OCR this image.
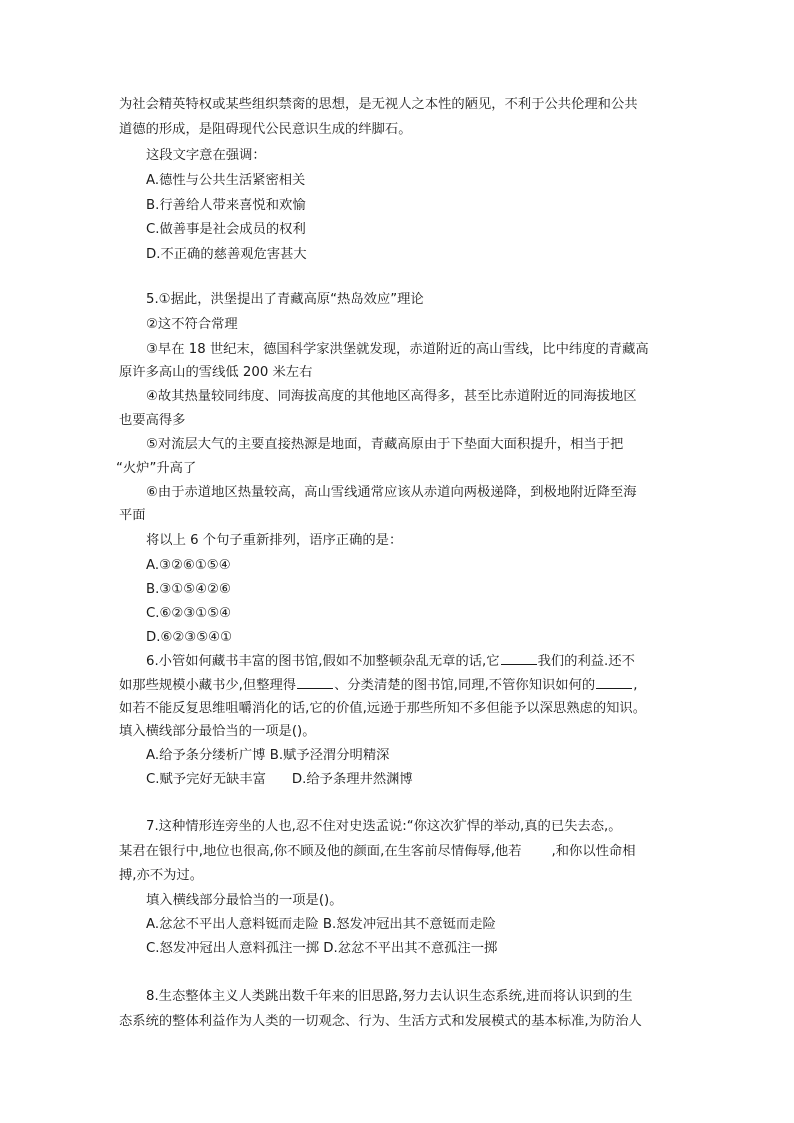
为社会精英特权或某些组织禁脔的思想，是无视人之本性的陋见，不利于公共伦理和公共
道德的形成，是阻碍现代公民意识生成的绊脚石。
这段文字意在强调：
A.德性与公共生活紧密相关
B.行善给人带来喜悦和欢愉
C.做善事是社会成员的权利
D.不正确的慈善观危害甚大
5.①据此，洪堡提出了青藏高原“热岛效应”理论
②这不符合常理
③早在 18 世纪末，德国科学家洪堡就发现，赤道附近的高山雪线，比中纬度的青藏高
原许多高山的雪线低 200 米左右
④故其热量较同纬度、同海拔高度的其他地区高得多，甚至比赤道附近的同海拔地区
也要高得多
⑤对流层大气的主要直接热源是地面，青藏高原由于下垫面大面积提升，相当于把
“火炉”升高了
⑥由于赤道地区热量较高，高山雪线通常应该从赤道向两极递降，到极地附近降至海
平面
将以上 6 个句子重新排列，语序正确的是：
A.③②⑥①⑤④
B.③①⑤④②⑥
C.⑥②③①⑤④
D.⑥②③⑤④①
6.小管如何藏书丰富的图书馆,假如不加整顿杂乱无章的话,它	我们的利益.还不
如那些规模小藏书少,但整理得	、分类清楚的图书馆,同理,不管你知识如何的	,
如若不能反复思维咀嚼消化的话,它的价值,远逊于那些所知不多但能予以深思熟虑的知识。
填入横线部分最恰当的一项是()。
A.给予条分缕析广博 B.赋予泾渭分明精深
C.赋予完好无缺丰富 D.给予条理井然渊博
7.这种情形连旁坐的人也,忍不住对史迭孟说:“你这次犷悍的举动,真的已失去态,。
某君在银行中,地位也很高,你不顾及他的颜面,在生客前尽情侮辱,他若 ,和你以性命相
搏,亦不为过。
填入横线部分最恰当的一项是()。
A.忿忿不平出人意料铤而走险 B.怒发冲冠出其不意铤而走险
C.怒发冲冠出人意料孤注一掷 D.忿忿不平出其不意孤注一掷
8.生态整体主义人类跳出数千年来的旧思路,努力去认识生态系统,进而将认识到的生
态系统的整体利益作为人类的一切观念、行为、生活方式和发展模式的基本标准,为防治人
